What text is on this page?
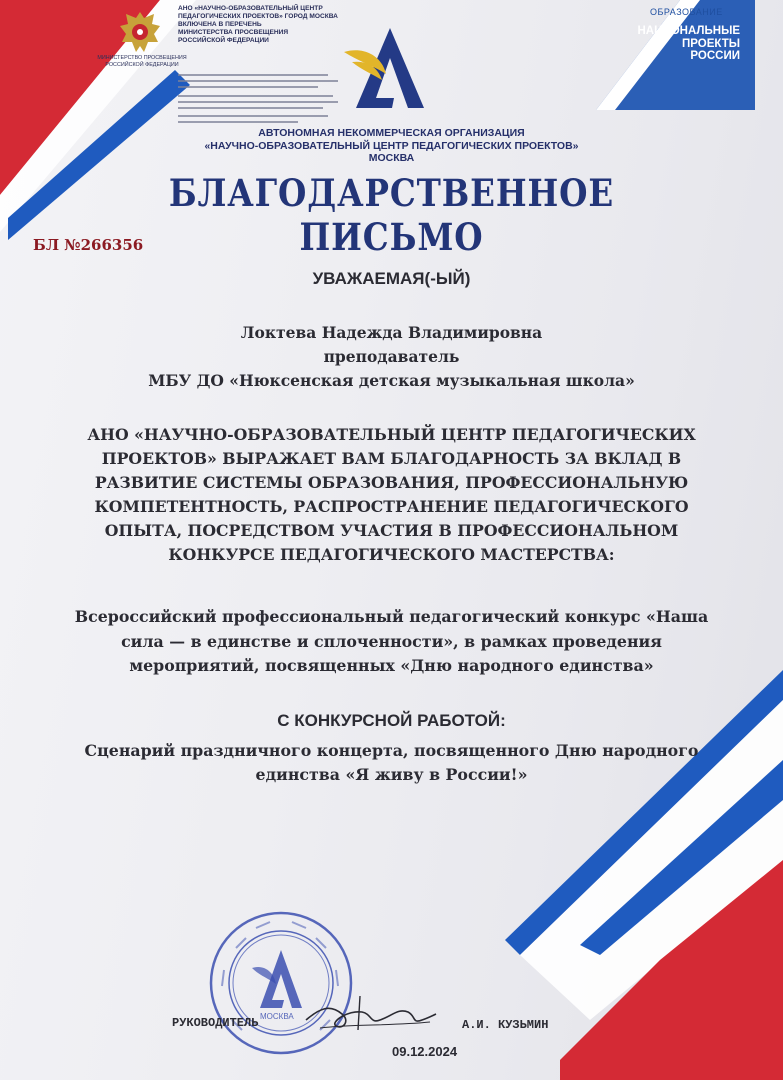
МИНИСТЕРСТВО ПРОСВЕЩЕНИЯ РОССИЙСКОЙ ФЕДЕРАЦИИ
АНО «НАУЧНО-ОБРАЗОВАТЕЛЬНЫЙ ЦЕНТР
ПЕДАГОГИЧЕСКИХ ПРОЕКТОВ» ГОРОД МОСКВА
ВКЛЮЧЕНА В ПЕРЕЧЕНЬ
МИНИСТЕРСТВА ПРОСВЕЩЕНИЯ
РОССИЙСКОЙ ФЕДЕРАЦИИ
ОБРАЗОВАНИЕ
НАЦИОНАЛЬНЫЕ
ПРОЕКТЫ
РОССИИ
АВТОНОМНАЯ НЕКОММЕРЧЕСКАЯ ОРГАНИЗАЦИЯ
«НАУЧНО-ОБРАЗОВАТЕЛЬНЫЙ ЦЕНТР ПЕДАГОГИЧЕСКИХ ПРОЕКТОВ»
МОСКВА
БЛАГОДАРСТВЕННОЕ ПИСЬМО
БЛ №266356
УВАЖАЕМАЯ(-ЫЙ)
Локтева Надежда Владимировна
преподаватель
МБУ ДО «Нюксенская детская музыкальная школа»
АНО «НАУЧНО-ОБРАЗОВАТЕЛЬНЫЙ ЦЕНТР ПЕДАГОГИЧЕСКИХ
ПРОЕКТОВ» ВЫРАЖАЕТ ВАМ БЛАГОДАРНОСТЬ ЗА ВКЛАД В
РАЗВИТИЕ СИСТЕМЫ ОБРАЗОВАНИЯ, ПРОФЕССИОНАЛЬНУЮ
КОМПЕТЕНТНОСТЬ, РАСПРОСТРАНЕНИЕ ПЕДАГОГИЧЕСКОГО
ОПЫТА, ПОСРЕДСТВОМ УЧАСТИЯ В ПРОФЕССИОНАЛЬНОМ
КОНКУРСЕ ПЕДАГОГИЧЕСКОГО МАСТЕРСТВА:
Всероссийский профессиональный педагогический конкурс «Наша
сила — в единстве и сплоченности», в рамках проведения
мероприятий, посвященных «Дню народного единства»
С КОНКУРСНОЙ РАБОТОЙ:
Сценарий праздничного концерта, посвященного Дню народного
единства «Я живу в России!»
МОСКВА
РУКОВОДИТЕЛЬ	А.И. КУЗЬМИН
09.12.2024
